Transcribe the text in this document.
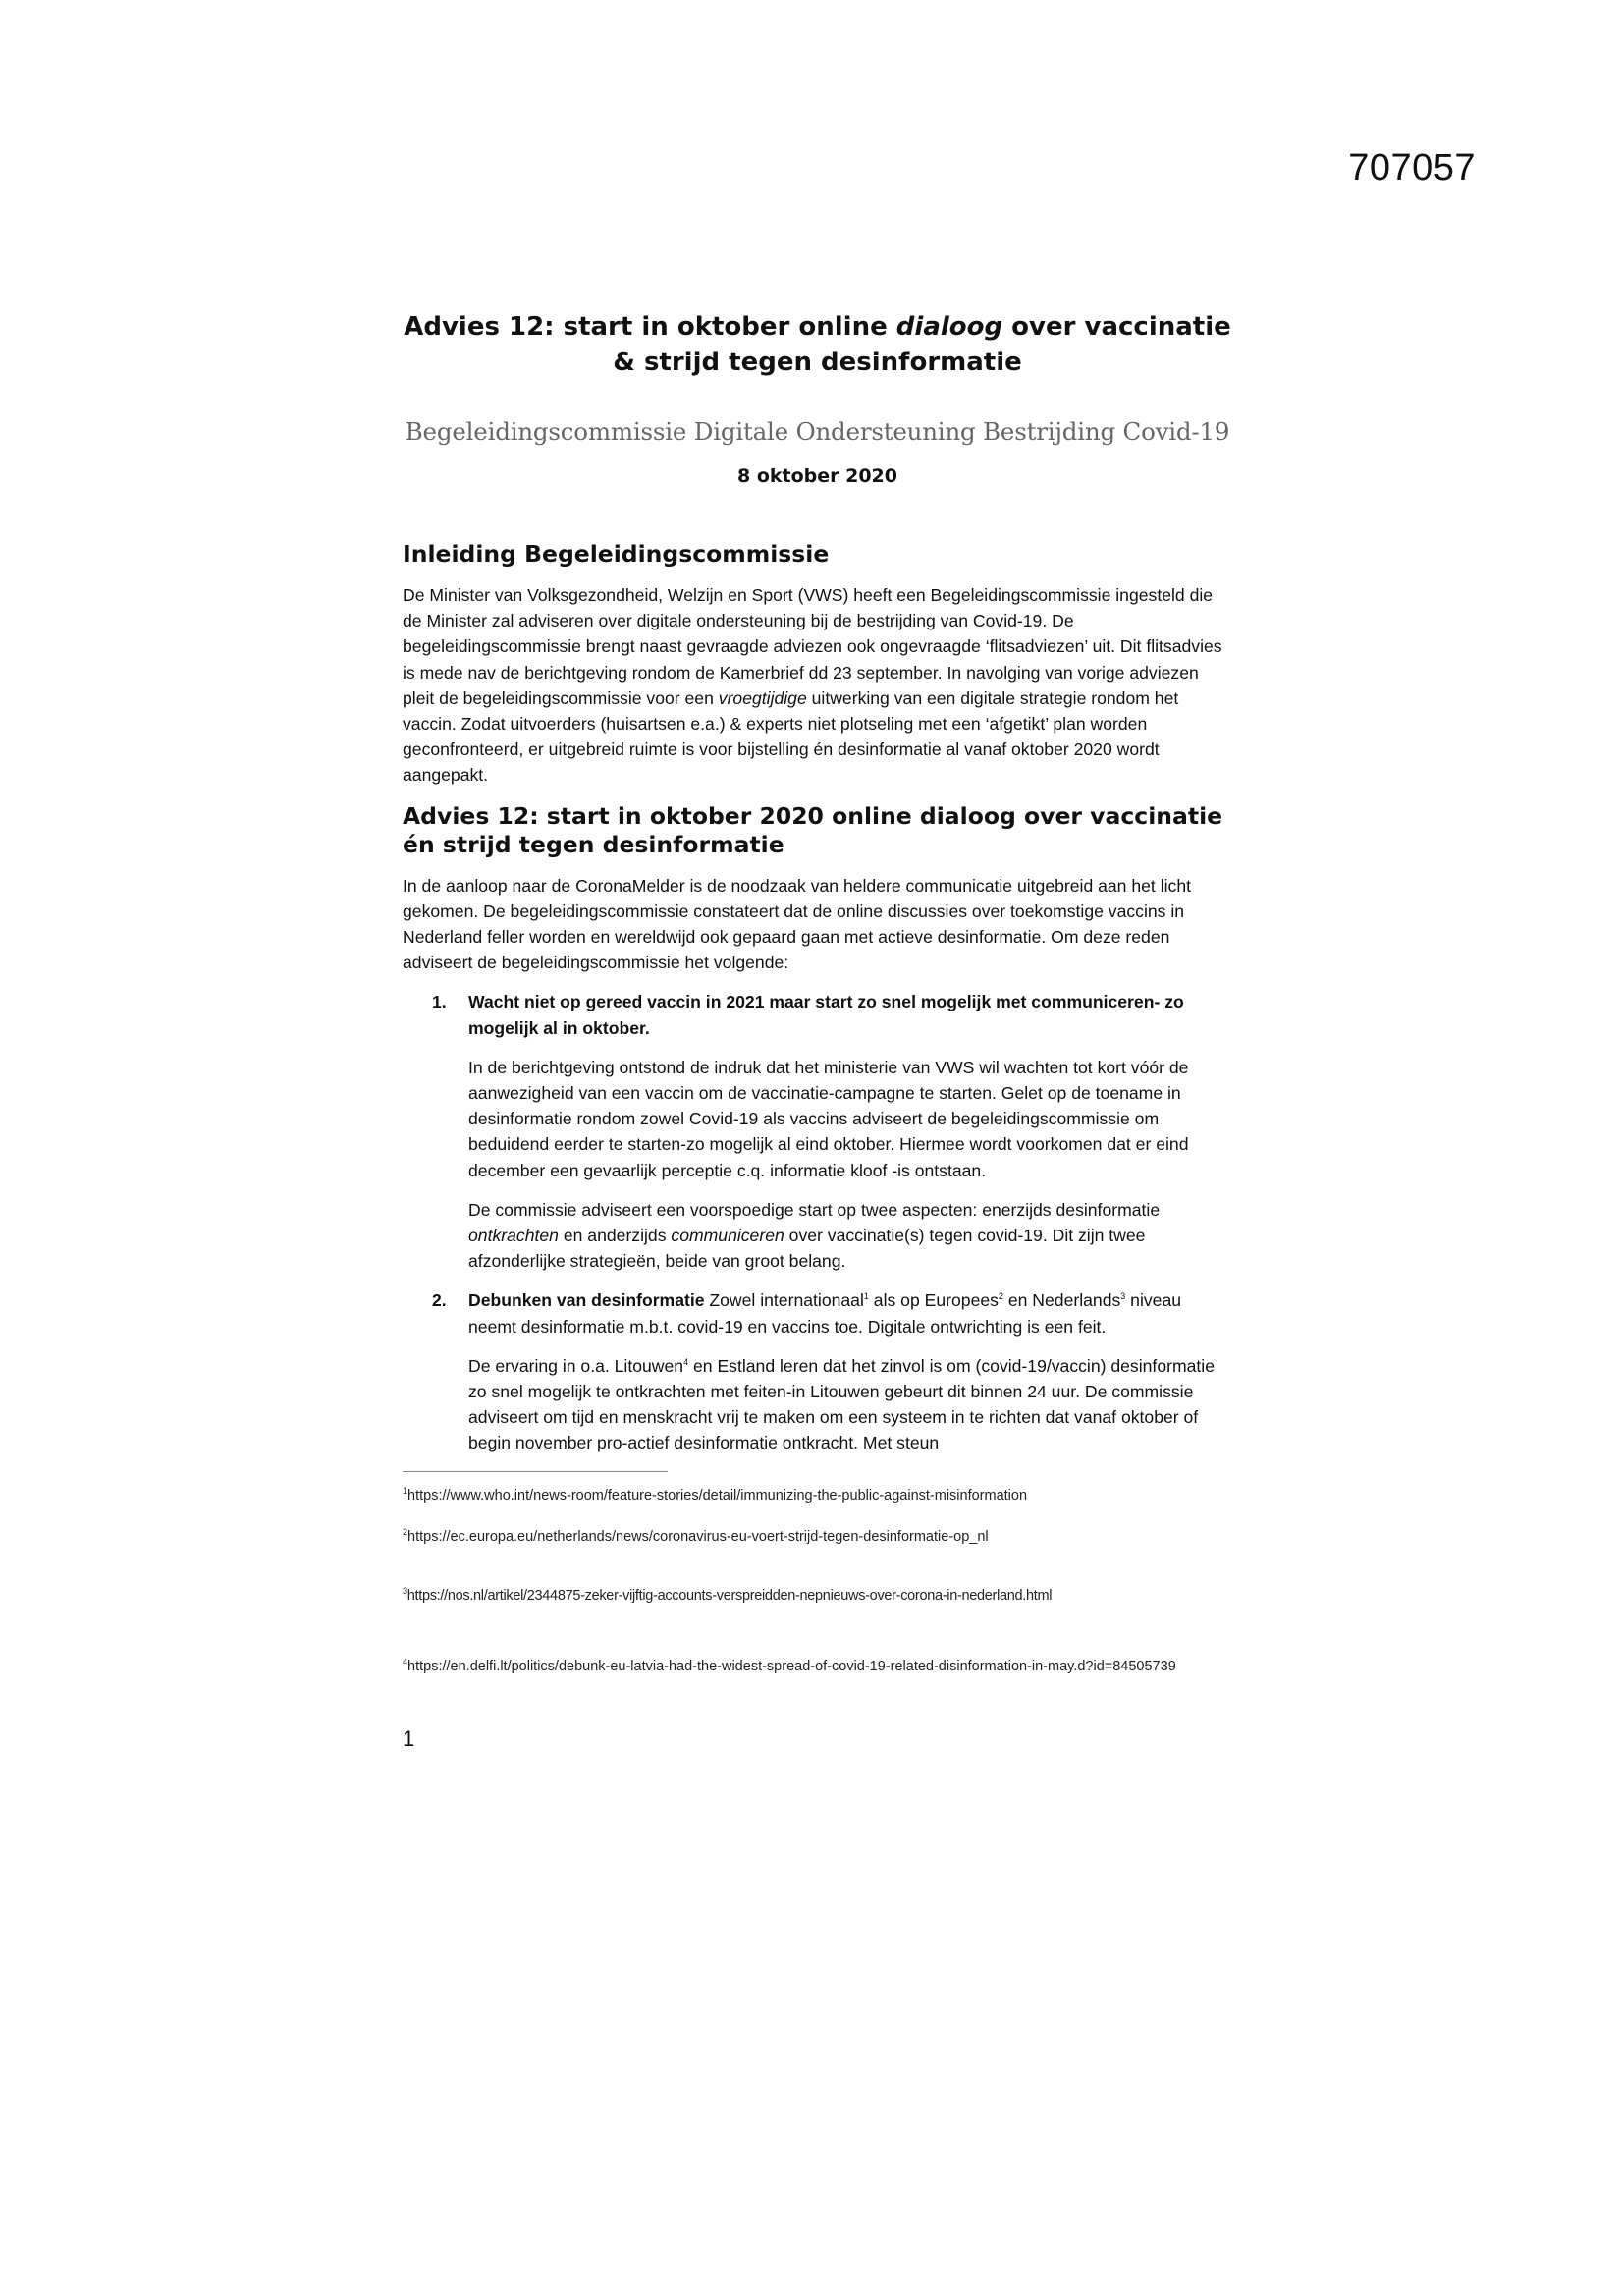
707057
Advies 12: start in oktober online dialoog over vaccinatie
& strijd tegen desinformatie
Begeleidingscommissie Digitale Ondersteuning Bestrijding Covid-19
8 oktober 2020
Inleiding Begeleidingscommissie

De Minister van Volksgezondheid, Welzijn en Sport (VWS) heeft een Begeleidingscommissie ingesteld die de Minister zal adviseren over digitale ondersteuning bij de bestrijding van Covid-19. De begeleidingscommissie brengt naast gevraagde adviezen ook ongevraagde ‘flitsadviezen’ uit. Dit flitsadvies is mede nav de berichtgeving rondom de Kamerbrief dd 23 september. In navolging van vorige adviezen pleit de begeleidingscommissie voor een vroegtijdige uitwerking van een digitale strategie rondom het vaccin. Zodat uitvoerders (huisartsen e.a.) & experts niet plotseling met een ‘afgetikt’ plan worden geconfronteerd, er uitgebreid ruimte is voor bijstelling én desinformatie al vanaf oktober 2020 wordt aangepakt.

Advies 12: start in oktober 2020 online dialoog over vaccinatie én strijd tegen desinformatie

In de aanloop naar de CoronaMelder is de noodzaak van heldere communicatie uitgebreid aan het licht gekomen. De begeleidingscommissie constateert dat de online discussies over toekomstige vaccins in Nederland feller worden en wereldwijd ook gepaard gaan met actieve desinformatie. Om deze reden adviseert de begeleidingscommissie het volgende:

1. Wacht niet op gereed vaccin in 2021 maar start zo snel mogelijk met communiceren- zo mogelijk al in oktober.

In de berichtgeving ontstond de indruk dat het ministerie van VWS wil wachten tot kort vóór de aanwezigheid van een vaccin om de vaccinatie-campagne te starten. Gelet op de toename in desinformatie rondom zowel Covid-19 als vaccins adviseert de begeleidingscommissie om beduidend eerder te starten-zo mogelijk al eind oktober. Hiermee wordt voorkomen dat er eind december een gevaarlijk perceptie c.q. informatie kloof -is ontstaan.

De commissie adviseert een voorspoedige start op twee aspecten: enerzijds desinformatie ontkrachten en anderzijds communiceren over vaccinatie(s) tegen covid-19. Dit zijn twee afzonderlijke strategieën, beide van groot belang.

2. Debunken van desinformatie Zowel internationaal$^1$ als op Europees$^2$ en Nederlands$^3$ niveau neemt desinformatie m.b.t. covid-19 en vaccins toe. Digitale ontwrichting is een feit.

De ervaring in o.a. Litouwen$^4$ en Estland leren dat het zinvol is om (covid-19/vaccin) desinformatie zo snel mogelijk te ontkrachten met feiten-in Litouwen gebeurt dit binnen 24 uur. De commissie adviseert om tijd en menskracht vrij te maken om een systeem in te richten dat vanaf oktober of begin november pro-actief desinformatie ontkracht. Met steun

$^1$https://www.who.int/news-room/feature-stories/detail/immunizing-the-public-against-misinformation

$^2$https://ec.europa.eu/netherlands/news/coronavirus-eu-voert-strijd-tegen-desinformatie-op_nl

$^3$https://nos.nl/artikel/2344875-zeker-vijftig-accounts-verspreidden-nepnieuws-over-corona-in-nederland.html

$^4$https://en.delfi.lt/politics/debunk-eu-latvia-had-the-widest-spread-of-covid-19-related-disinformation-in-may.d?id=84505739

1
